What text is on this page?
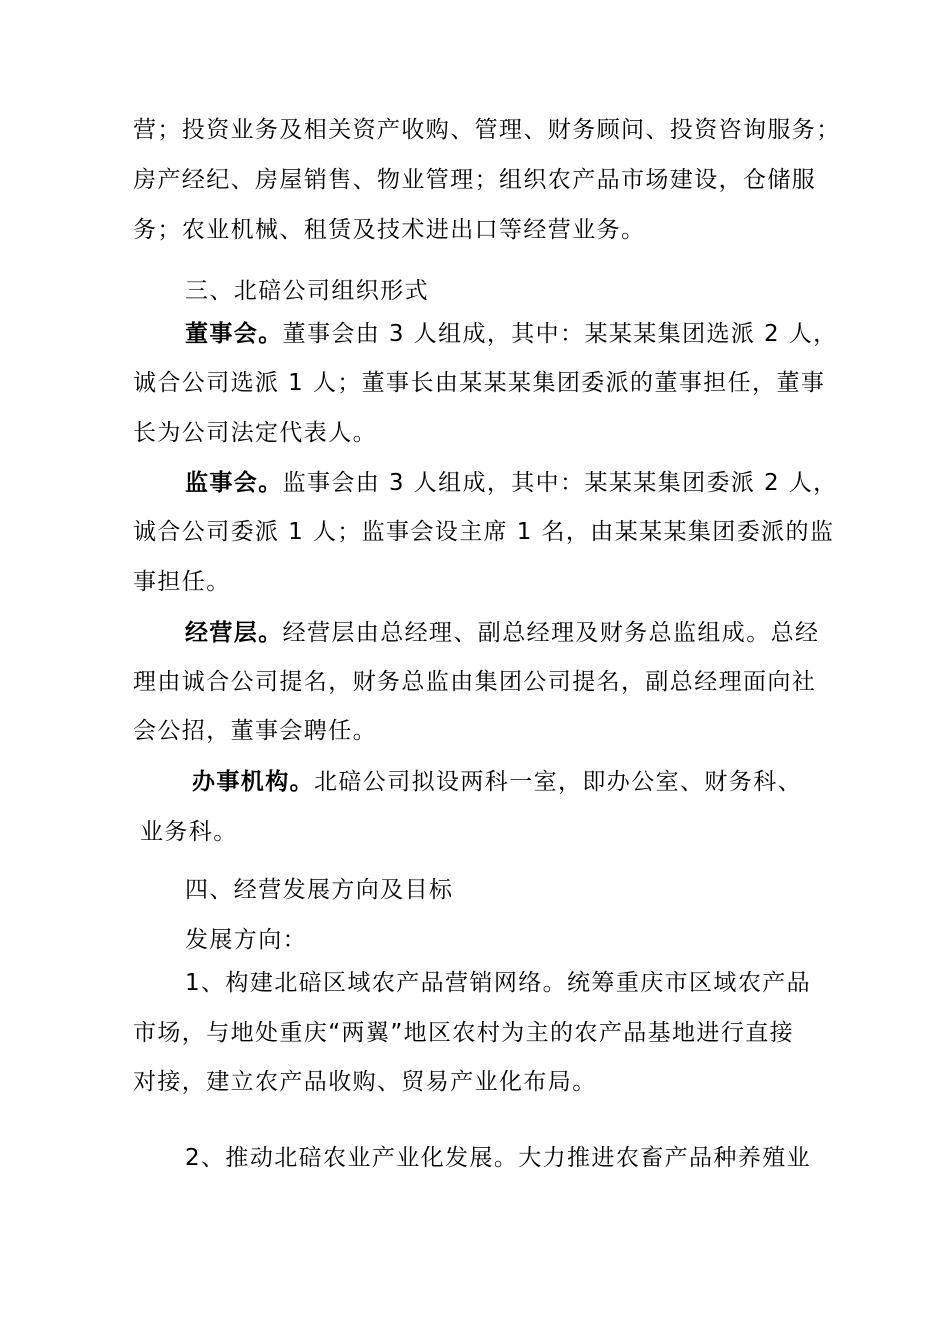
营；投资业务及相关资产收购、管理、财务顾问、投资咨询服务；
房产经纪、房屋销售、物业管理；组织农产品市场建设，仓储服
务；农业机械、租赁及技术进出口等经营业务。
三、北碚公司组织形式
董事会。董事会由 3 人组成，其中：某某某集团选派 2 人，
诚合公司选派 1 人；董事长由某某某集团委派的董事担任，董事
长为公司法定代表人。
监事会。监事会由 3 人组成，其中：某某某集团委派 2 人，
诚合公司委派 1 人；监事会设主席 1 名，由某某某集团委派的监
事担任。
经营层。经营层由总经理、副总经理及财务总监组成。总经
理由诚合公司提名，财务总监由集团公司提名，副总经理面向社
会公招，董事会聘任。
办事机构。北碚公司拟设两科一室，即办公室、财务科、
业务科。
四、经营发展方向及目标
发展方向：
1、构建北碚区域农产品营销网络。统筹重庆市区域农产品
市场，与地处重庆“两翼”地区农村为主的农产品基地进行直接
对接，建立农产品收购、贸易产业化布局。
2、推动北碚农业产业化发展。大力推进农畜产品种养殖业
